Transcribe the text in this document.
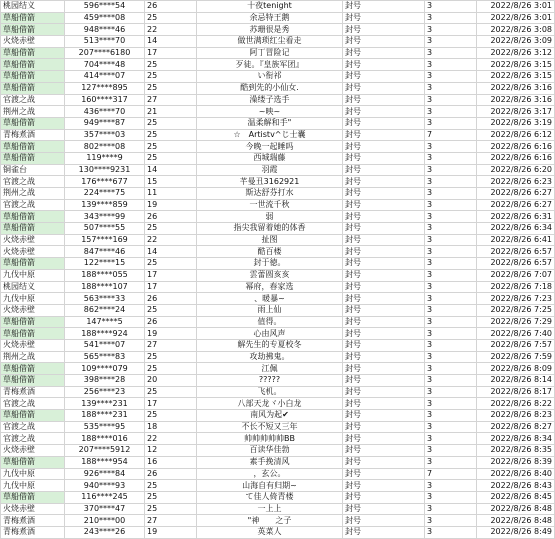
桃园结义	596****54	26	十夜tenight	封号	3	2022/8/26 3:01
草船借箭	459****08	25	余忌特王鹅	封号	3	2022/8/26 3:01
草船借箭	948****46	22	苏珊很是秀	封号	3	2022/8/26 3:08
火烧赤壁	513****70	14	做世满琐红尘看走	封号	3	2022/8/26 3:09
草船借箭	207****6180	17	阿丁冒险记	封号	3	2022/8/26 3:12
草船借箭	704****48	25	歹徒。『皇族军团』	封号	3	2022/8/26 3:15
草船借箭	414****07	25	い衔祁	封号	3	2022/8/26 3:15
草船借箭	127****895	25	酷到先的小仙女.	封号	3	2022/8/26 3:16
官渡之战	160****317	27	澡缕子选手	封号	3	2022/8/26 3:16
荆州之战	436****70	21	~映~	封号	3	2022/8/26 3:17
草船借箭	949****87	25	温柔解和手"	封号	3	2022/8/26 3:19
青梅煮酒	357****03	25	☆　Artistv^じ士囊	封号	7	2022/8/26 6:12
草船借箭	802****08	25	今晚一起睡吗	封号	3	2022/8/26 6:16
草船借箭	119****9	25	西城瑞藤	封号	3	2022/8/26 6:16
铜雀台	130****9231	14	羽霞	封号	3	2022/8/26 6:20
官渡之战	176****677	15	芊曼丑3162921	封号	3	2022/8/26 6:23
荆州之战	224****75	11	斯达舒芬打水	封号	3	2022/8/26 6:27
官渡之战	139****859	19	一世流千秋	封号	3	2022/8/26 6:27
草船借箭	343****99	26	弱	封号	3	2022/8/26 6:31
草船借箭	507****55	25	指尖我留着她的体香	封号	3	2022/8/26 6:34
火烧赤壁	157****169	22	扯图	封号	3	2022/8/26 6:41
火烧赤壁	847****46	14	酷百楼	封号	3	2022/8/26 6:57
草船借箭	122****15	25	封于徳。	封号	3	2022/8/26 6:57
九伐中原	188****055	17	雲蕾圆亥亥	封号	3	2022/8/26 7:07
桃园结义	188****107	17	幂府，春家选	封号	3	2022/8/26 7:18
九伐中原	563****33	26	、暖暴~	封号	3	2022/8/26 7:23
火烧赤壁	862****24	25	雨上仙	封号	3	2022/8/26 7:25
草船借箭	147****5	26	值得。	封号	3	2022/8/26 7:29
草船借箭	188****924	19	心由风声	封号	3	2022/8/26 7:40
火烧赤壁	541****07	27	解先生的专夏校冬	封号	3	2022/8/26 7:57
荆州之战	565****83	25	攻劫拂鬼。	封号	3	2022/8/26 7:59
草船借箭	109****079	25	江佩	封号	3	2022/8/26 8:09
草船借箭	398****28	20	?????	封号	3	2022/8/26 8:14
青梅煮酒	256****23	25	飞机。	封号	3	2022/8/26 8:17
官渡之战	139****231	17	八部天龙ヾ小白龙	封号	3	2022/8/26 8:22
草船借箭	188****231	25	南风为起✔	封号	3	2022/8/26 8:23
官渡之战	535****95	18	不长不短又三年	封号	3	2022/8/26 8:27
官渡之战	188****016	22	帅帅帅帅帅BB	封号	3	2022/8/26 8:34
火烧赤壁	207****5912	12	百读华佳勃	封号	3	2022/8/26 8:35
草船借箭	188****954	16	素手挽清风	封号	3	2022/8/26 8:39
九伐中原	926****84	26	，玄公。	封号	7	2022/8/26 8:40
九伐中原	940****93	25	山海自有归期~	封号	3	2022/8/26 8:43
草船借箭	116****245	25	て佳人倚青楼	封号	3	2022/8/26 8:45
火烧赤壁	370****47	25	一上上	封号	3	2022/8/26 8:48
青梅煮酒	210****00	27	"神　　之子	封号	3	2022/8/26 8:48
青梅煮酒	243****26	19	英菜人	封号	3	2022/8/26 8:49
